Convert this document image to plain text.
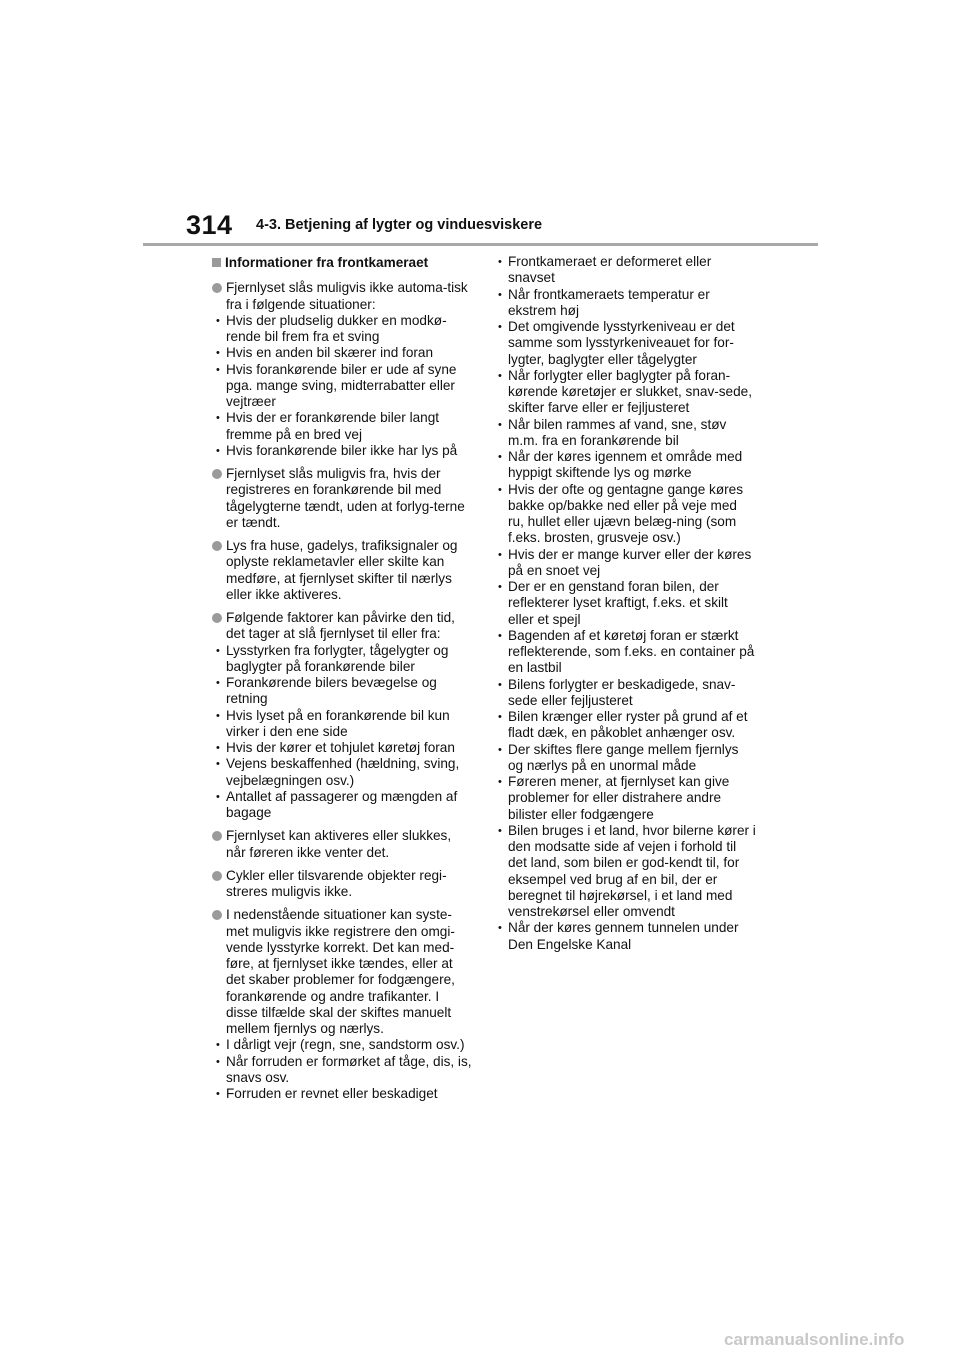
314 4-3. Betjening af lygter og vinduesviskere
Informationer fra frontkameraet
Fjernlyset slås muligvis ikke automa-tisk fra i følgende situationer:
• Hvis der pludselig dukker en modkø-rende bil frem fra et sving
• Hvis en anden bil skærer ind foran
• Hvis forankørende biler er ude af syne pga. mange sving, midterrabatter eller vejtræer
• Hvis der er forankørende biler langt fremme på en bred vej
• Hvis forankørende biler ikke har lys på
Fjernlyset slås muligvis fra, hvis der registreres en forankørende bil med tågelygterne tændt, uden at forlyg-terne er tændt.
Lys fra huse, gadelys, trafiksignaler og oplyste reklametavler eller skilte kan medføre, at fjernlyset skifter til nærlys eller ikke aktiveres.
Følgende faktorer kan påvirke den tid, det tager at slå fjernlyset til eller fra:
• Lysstyrken fra forlygter, tågelygter og baglygter på forankørende biler
• Forankørende bilers bevægelse og retning
• Hvis lyset på en forankørende bil kun virker i den ene side
• Hvis der kører et tohjulet køretøj foran
• Vejens beskaffenhed (hældning, sving, vejbelægningen osv.)
• Antallet af passagerer og mængden af bagage
Fjernlyset kan aktiveres eller slukkes, når føreren ikke venter det.
Cykler eller tilsvarende objekter regi-streres muligvis ikke.
I nedenstående situationer kan syste-met muligvis ikke registrere den omgi-vende lysstyrke korrekt. Det kan med-føre, at fjernlyset ikke tændes, eller at det skaber problemer for fodgængere, forankørende og andre trafikanter. I disse tilfælde skal der skiftes manuelt mellem fjernlys og nærlys.
• I dårligt vejr (regn, sne, sandstorm osv.)
• Når forruden er formørket af tåge, dis, is, snavs osv.
• Forruden er revnet eller beskadiget
• Frontkameraet er deformeret eller snavset
• Når frontkameraets temperatur er ekstrem høj
• Det omgivende lysstyrkeniveau er det samme som lysstyrkeniveauet for for-lygter, baglygter eller tågelygter
• Når forlygter eller baglygter på foran-kørende køretøjer er slukket, snav-sede, skifter farve eller er fejljusteret
• Når bilen rammes af vand, sne, støv m.m. fra en forankørende bil
• Når der køres igennem et område med hyppigt skiftende lys og mørke
• Hvis der ofte og gentagne gange køres bakke op/bakke ned eller på veje med ru, hullet eller ujævn belæg-ning (som f.eks. brosten, grusveje osv.)
• Hvis der er mange kurver eller der køres på en snoet vej
• Der er en genstand foran bilen, der reflekterer lyset kraftigt, f.eks. et skilt eller et spejl
• Bagenden af et køretøj foran er stærkt reflekterende, som f.eks. en container på en lastbil
• Bilens forlygter er beskadigede, snav-sede eller fejljusteret
• Bilen krænger eller ryster på grund af et fladt dæk, en påkoblet anhænger osv.
• Der skiftes flere gange mellem fjernlys og nærlys på en unormal måde
• Føreren mener, at fjernlyset kan give problemer for eller distrahere andre bilister eller fodgængere
• Bilen bruges i et land, hvor bilerne kører i den modsatte side af vejen i forhold til det land, som bilen er god-kendt til, for eksempel ved brug af en bil, der er beregnet til højrekørsel, i et land med venstrekørsel eller omvendt
• Når der køres gennem tunnelen under Den Engelske Kanal
carmanualsonline.info
